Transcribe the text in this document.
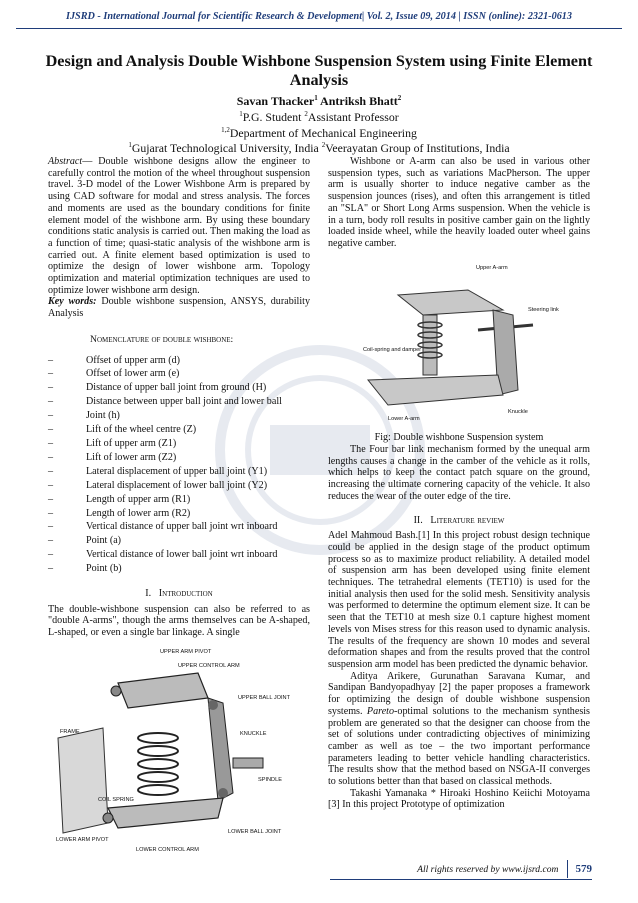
IJSRD - International Journal for Scientific Research & Development| Vol. 2, Issue 09, 2014 | ISSN (online): 2321-0613
Design and Analysis Double Wishbone Suspension System using Finite Element Analysis
Savan Thacker$^1$ Antriksh Bhatt$^2$
$^1$P.G. Student $^2$Assistant Professor
$^{1,2}$Department of Mechanical Engineering
$^1$Gujarat Technological University, India $^2$Veerayatan Group of Institutions, India

Abstract— Double wishbone designs allow the engineer to carefully control the motion of the wheel throughout suspension travel. 3-D model of the Lower Wishbone Arm is prepared by using CAD software for modal and stress analysis. The forces and moments are used as the boundary conditions for finite element model of the wishbone arm. By using these boundary conditions static analysis is carried out. Then making the load as a function of time; quasi-static analysis of the wishbone arm is carried out. A finite element based optimization is used to optimize the design of lower wishbone arm. Topology optimization and material optimization techniques are used to optimize lower wishbone arm design.

Key words: Double wishbone suspension, ANSYS, durability Analysis

Nomenclature of double wishbone:
– Offset of upper arm (d)
– Offset of lower arm (e)
– Distance of upper ball joint from ground (H)
– Distance between upper ball joint and lower ball
– Joint (h)
– Lift of the wheel centre (Z)
– Lift of upper arm (Z1)
– Lift of lower arm (Z2)
– Lateral displacement of upper ball joint (Y1)
– Lateral displacement of lower ball joint (Y2)
– Length of upper arm (R1)
– Length of lower arm (R2)
– Vertical distance of upper ball joint wrt inboard
– Point (a)
– Vertical distance of lower ball joint wrt inboard
– Point (b)
I. Introduction

The double-wishbone suspension can also be referred to as "double A-arms", though the arms themselves can be A-shaped, L-shaped, or even a single bar linkage. A single

UPPER ARM PIVOT
UPPER CONTROL ARM
UPPER BALL JOINT
KNUCKLE
FRAME
SPINDLE
LOWER ARM PIVOT
COIL SPRING
LOWER BALL JOINT
LOWER CONTROL ARM

Wishbone or A-arm can also be used in various other suspension types, such as variations MacPherson. The upper arm is usually shorter to induce negative camber as the suspension jounces (rises), and often this arrangement is titled an "SLA" or Short Long Arms suspension. When the vehicle is in a turn, body roll results in positive camber gain on the lightly loaded inside wheel, while the heavily loaded outer wheel gains negative camber.

Upper A-arm
Steering link
Coil-spring and damper
Lower A-arm
Knuckle

Fig: Double wishbone Suspension system

The Four bar link mechanism formed by the unequal arm lengths causes a change in the camber of the vehicle as it rolls, which helps to keep the contact patch square on the ground, increasing the ultimate cornering capacity of the vehicle. It also reduces the wear of the outer edge of the tire.

II. Literature review

Adel Mahmoud Bash.[1] In this project robust design technique could be applied in the design stage of the product optimum process so as to maximize product reliability. A detailed model of suspension arm has been developed using finite element techniques. The tetrahedral elements (TET10) is used for the initial analysis then used for the solid mesh. Sensitivity analysis was performed to determine the optimum element size. It can be seen that the TET10 at mesh size 0.1 capture highest moment levels von Mises stress for this reason used to dynamic analysis. The results of the frequency are shown 10 modes and several deformation shapes and from the results proved that the control suspension arm model has been predicted the dynamic behavior.

Aditya Arikere, Gurunathan Saravana Kumar, and Sandipan Bandyopadhyay [2] the paper proposes a framework for optimizing the design of double wishbone suspension systems. Pareto-optimal solutions to the mechanism synthesis problem are generated so that the designer can choose from the set of solutions under contradicting objectives of minimizing camber as well as toe – the two important performance parameters leading to better vehicle handling characteristics. The results show that the method based on NSGA-II converges to solutions better than that based on classical methods.

Takashi Yamanaka * Hiroaki Hoshino Keiichi Motoyama [3] In this project Prototype of optimization

All rights reserved by www.ijsrd.com 579
